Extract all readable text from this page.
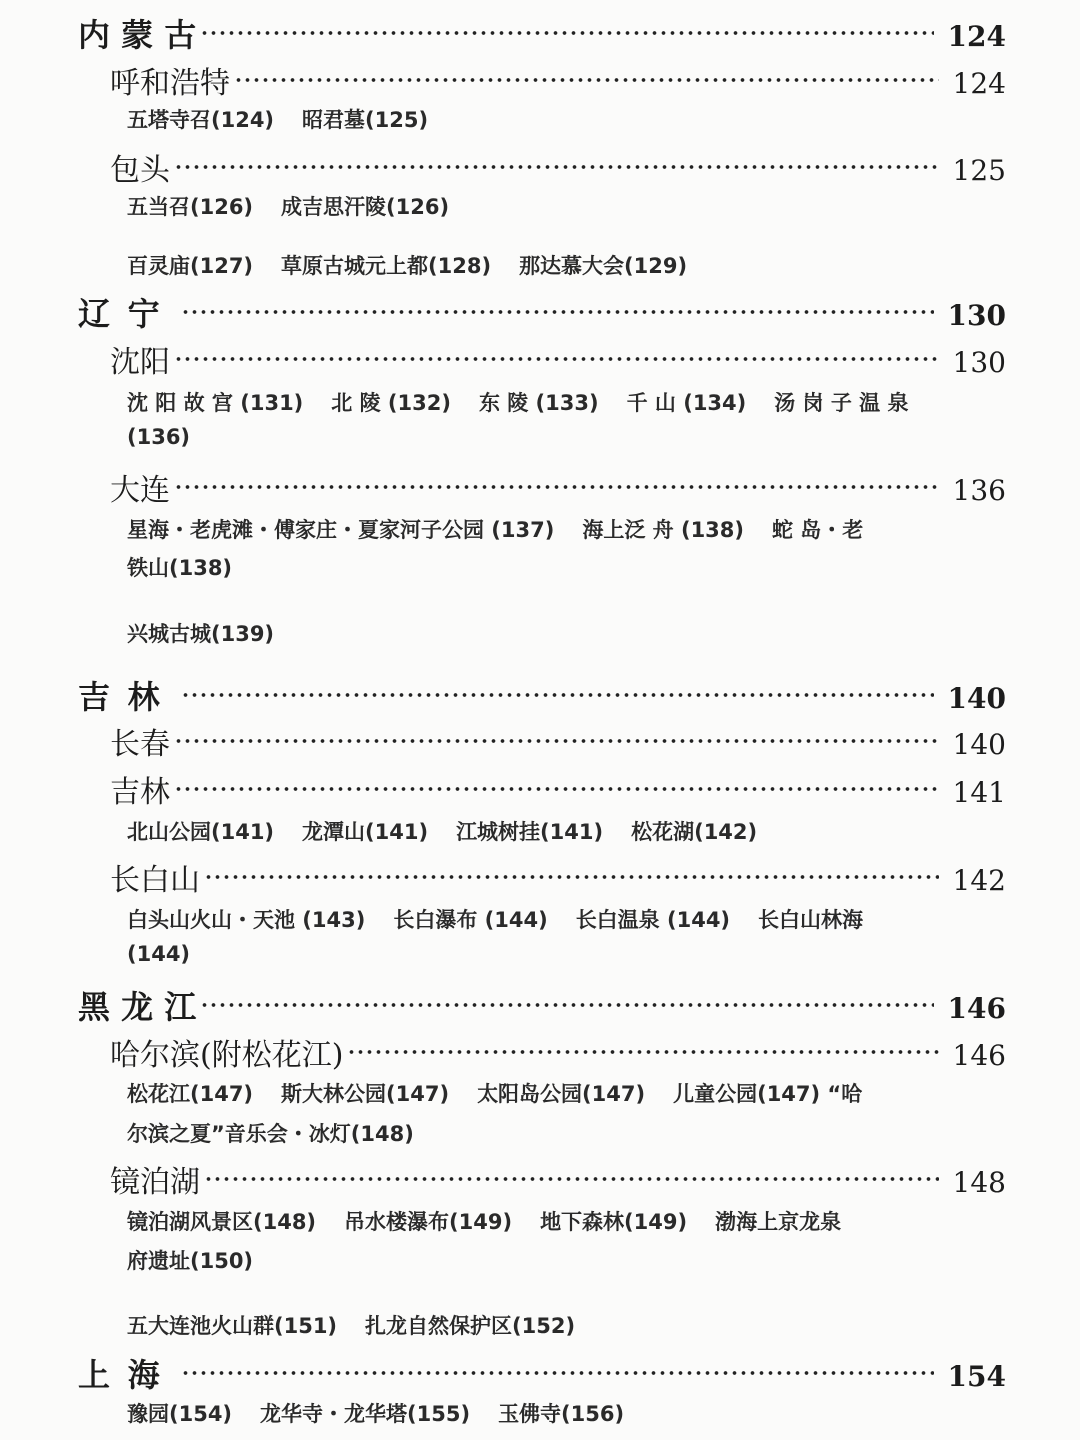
内 蒙 古	124
呼和浩特	124
五塔寺召(124) 昭君墓(125)
包头	125
五当召(126) 成吉思汗陵(126)
百灵庙(127) 草原古城元上都(128) 那达慕大会(129)
辽宁	130
沈阳	130
沈 阳 故 宫 (131) 北 陵 (132) 东 陵 (133) 千 山 (134) 汤 岗 子 温 泉
(136)
大连	136
星海・老虎滩・傅家庄・夏家河子公园 (137) 海上泛 舟 (138) 蛇 岛・老
铁山(138)
兴城古城(139)
吉林	140
长春	140
吉林	141
北山公园(141) 龙潭山(141) 江城树挂(141) 松花湖(142)
长白山	142
白头山火山・天池 (143) 长白瀑布 (144) 长白温泉 (144) 长白山林海
(144)
黑 龙 江	146
哈尔滨(附松花江)	146
松花江(147) 斯大林公园(147) 太阳岛公园(147) 儿童公园(147) “哈
尔滨之夏”音乐会・冰灯(148)
镜泊湖	148
镜泊湖风景区(148) 吊水楼瀑布(149) 地下森林(149) 渤海上京龙泉
府遗址(150)
五大连池火山群(151) 扎龙自然保护区(152)
上海	154
豫园(154) 龙华寺・龙华塔(155) 玉佛寺(156)
